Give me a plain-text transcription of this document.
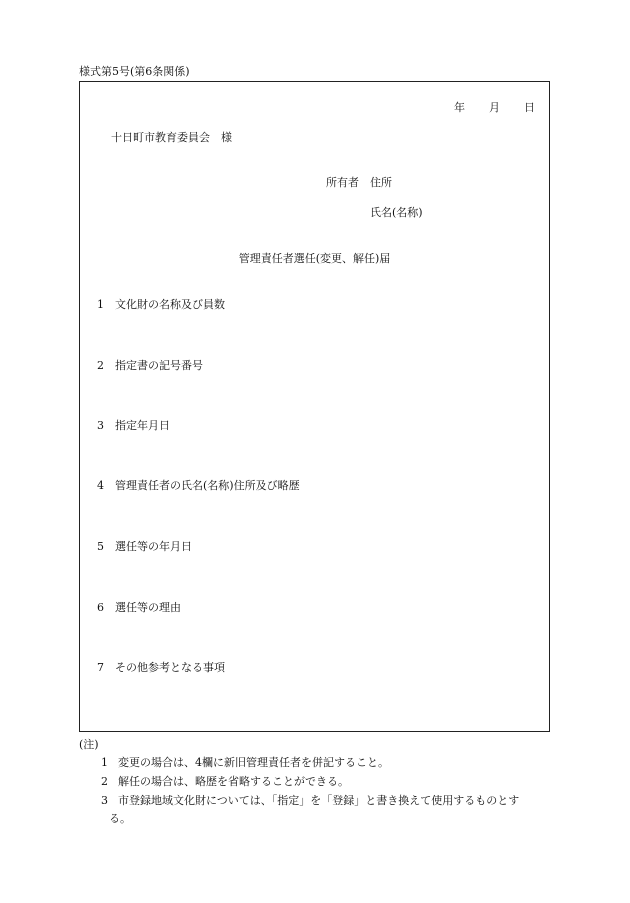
様式第5号(第6条関係)
年 月 日
十日町市教育委員会　様
所有者 住所
氏名(名称)
管理責任者選任(変更、解任)届
1 文化財の名称及び員数
2 指定書の記号番号
3 指定年月日
4 管理責任者の氏名(名称)住所及び略歴
5 選任等の年月日
6 選任等の理由
7 その他参考となる事項
(注)
1 変更の場合は、4欄に新旧管理責任者を併記すること。
2 解任の場合は、略歴を省略することができる。
3 市登録地域文化財については、「指定」を「登録」と書き換えて使用するものとす
る。
